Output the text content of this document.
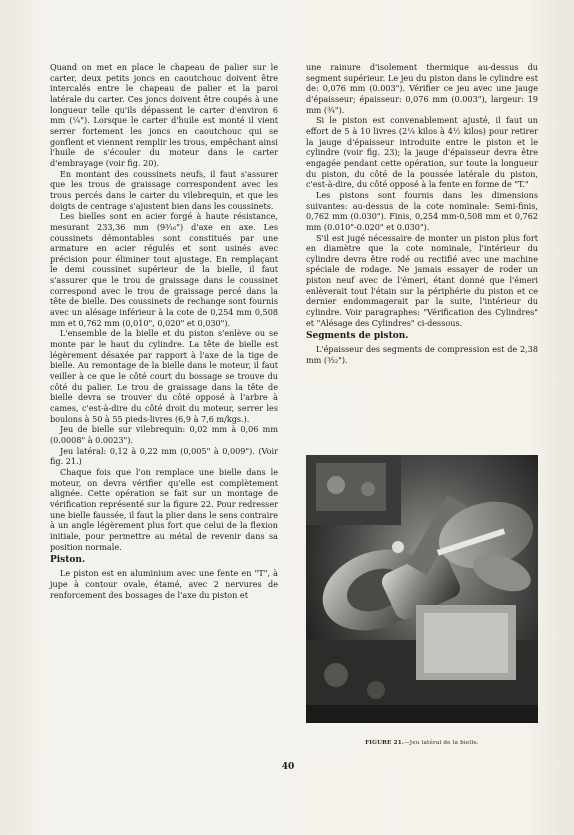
Quand on met en place le chapeau de palier sur le carter, deux petits joncs en caoutchouc doivent être intercalés entre le chapeau de palier et la paroi latérale du carter. Ces joncs doivent être coupés à une longueur telle qu'ils dépassent le carter d'environ 6 mm (¼"). Lorsque le carter d'huile est monté il vient serrer fortement les joncs en caoutchouc qui se gonflent et viennent remplir les trous, empêchant ainsi l'huile de s'écouler du moteur dans le carter d'embrayage (voir fig. 20).

En montant des coussinets neufs, il faut s'assurer que les trous de graissage correspondent avec les trous percés dans le carter du vilebrequin, et que les doigts de centrage s'ajustent bien dans les coussinets.

Les bielles sont en acier forgé à haute résistance, mesurant 233,36 mm (9³⁄₁₆") d'axe en axe. Les coussinets démontables sont constitués par une armature en acier régulés et sont usinés avec précision pour éliminer tout ajustage. En remplaçant le demi coussinet supérieur de la bielle, il faut s'assurer que le trou de graissage dans le coussinet correspond avec le trou de graissage percé dans la tête de bielle. Des coussinets de rechange sont fournis avec un alésage inférieur à la cote de 0,254 mm 0,508 mm et 0,762 mm (0,010", 0,020" et 0,030").

L'ensemble de la bielle et du piston s'enlève ou se monte par le haut du cylindre. La tête de bielle est légèrement désaxée par rapport à l'axe de la tige de bielle. Au remontage de la bielle dans le moteur, il faut veiller à ce que le côté court du bossage se trouve du côté du palier. Le trou de graissage dans la tête de bielle devra se trouver du côté opposé à l'arbre à cames, c'est-à-dire du côté droit du moteur, serrer les boulons à 50 à 55 pieds-livres (6,9 à 7,6 m/kgs.).

Jeu de bielle sur vilebrequin: 0,02 mm à 0,06 mm (0.0008" à 0.0023").

Jeu latéral: 0,12 à 0,22 mm (0,005" à 0,009"). (Voir fig. 21.)

Chaque fois que l'on remplace une bielle dans le moteur, on devra vérifier qu'elle est complètement alignée. Cette opération se fait sur un montage de vérification représenté sur la figure 22. Pour redresser une bielle faussée, il faut la plier dans le sens contraire à un angle légèrement plus fort que celui de la flexion initiale, pour permettre au métal de revenir dans sa position normale.

Piston.

Le piston est en aluminium avec une fente en "T", à jupe à contour ovale, étamé, avec 2 nervures de renforcement des bossages de l'axe du piston et

une rainure d'isolement thermique au-dessus du segment supérieur. Le jeu du piston dans le cylindre est de: 0,076 mm (0.003"). Vérifier ce jeu avec une jauge d'épaisseur; épaisseur: 0,076 mm (0.003"), largeur: 19 mm (¾").

Si le piston est convenablement ajusté, il faut un effort de 5 à 10 livres (2¼ kilos à 4½ kilos) pour retirer la jauge d'épaisseur introduite entre le piston et le cylindre (voir fig. 23); la jauge d'épaisseur devra être engagée pendant cette opération, sur toute la longueur du piston, du côté de la poussée latérale du piston, c'est-à-dire, du côté opposé à la fente en forme de "T."

Les pistons sont fournis dans les dimensions suivantes: au-dessus de la cote nominale: Semi-finis, 0,762 mm (0.030"). Finis, 0,254 mm-0,508 mm et 0,762 mm (0.010"-0.020" et 0.030").

S'il est jugé nécessaire de monter un piston plus fort en diamètre que la cote nominale, l'intérieur du cylindre devra être rodé ou rectifié avec une machine spéciale de rodage. Ne jamais essayer de roder un piston neuf avec de l'émeri, étant donné que l'émeri enlèverait tout l'étain sur la périphérie du piston et ce dernier endommagerait par la suite, l'intérieur du cylindre. Voir paragraphes: "Vérification des Cylindres" et "Alésage des Cylindres" ci-dessous.

Segments de piston.

L'épaisseur des segments de compression est de 2,38 mm (³⁄₃₂").

FIGURE 21.—Jeu latéral de la bielle.
40
